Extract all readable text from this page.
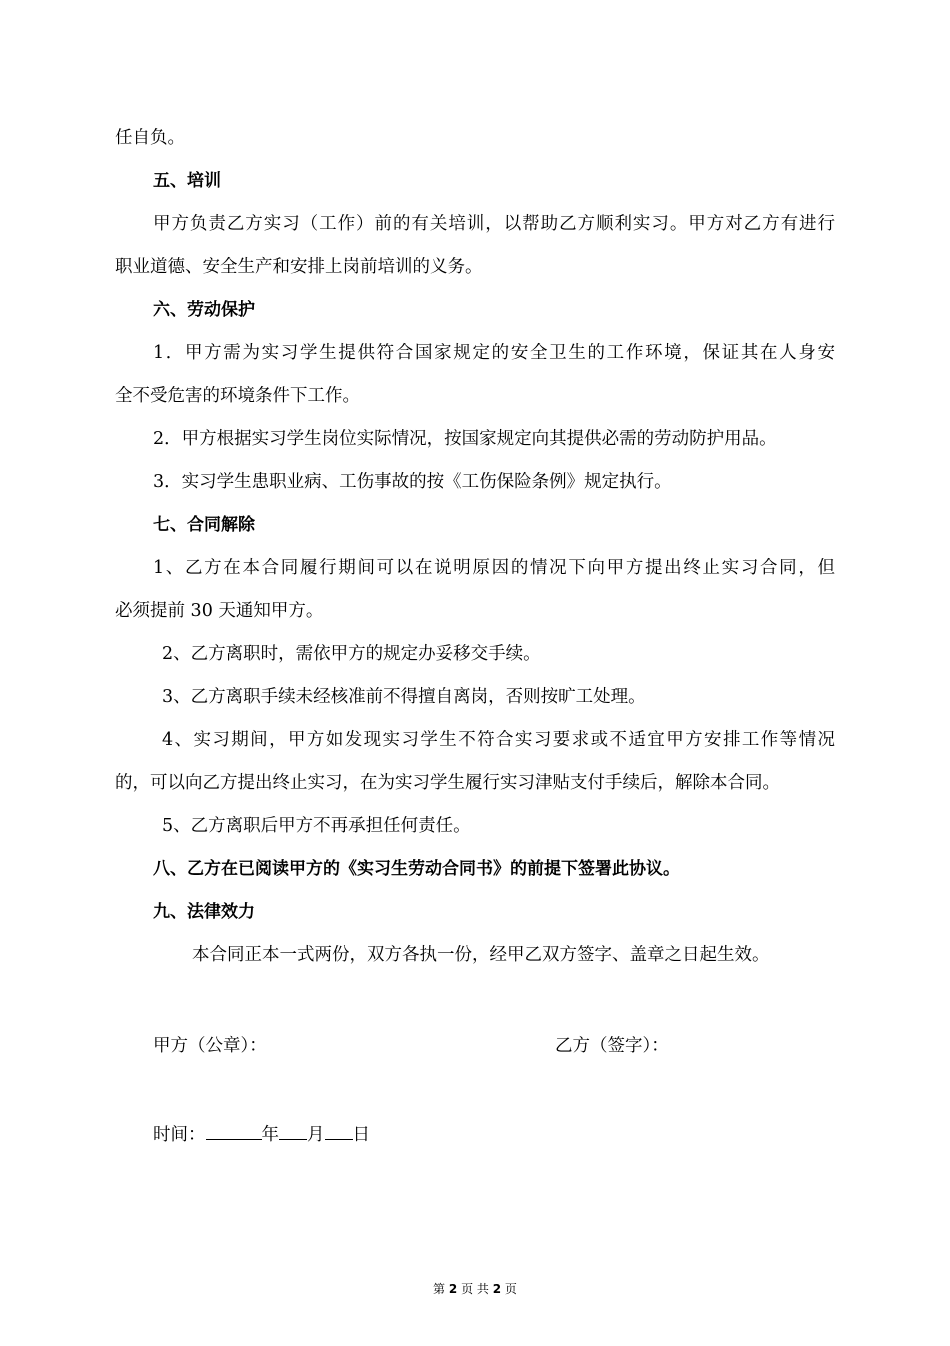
任自负。
五、培训
甲方负责乙方实习（工作）前的有关培训，以帮助乙方顺利实习。甲方对乙方有进行
职业道德、安全生产和安排上岗前培训的义务。
六、劳动保护
1．甲方需为实习学生提供符合国家规定的安全卫生的工作环境，保证其在人身安
全不受危害的环境条件下工作。
2．甲方根据实习学生岗位实际情况，按国家规定向其提供必需的劳动防护用品。
3．实习学生患职业病、工伤事故的按《工伤保险条例》规定执行。
七、合同解除
1、乙方在本合同履行期间可以在说明原因的情况下向甲方提出终止实习合同，但
必须提前 30 天通知甲方。
2、乙方离职时，需依甲方的规定办妥移交手续。
3、乙方离职手续未经核准前不得擅自离岗，否则按旷工处理。
4、实习期间，甲方如发现实习学生不符合实习要求或不适宜甲方安排工作等情况
的，可以向乙方提出终止实习，在为实习学生履行实习津贴支付手续后，解除本合同。
5、乙方离职后甲方不再承担任何责任。
八、乙方在已阅读甲方的《实习生劳动合同书》的前提下签署此协议。
九、法律效力
本合同正本一式两份，双方各执一份，经甲乙双方签字、盖章之日起生效。
甲方（公章）：	乙方（签字）：
时间：	年 月 日
第 2 页 共 2 页
